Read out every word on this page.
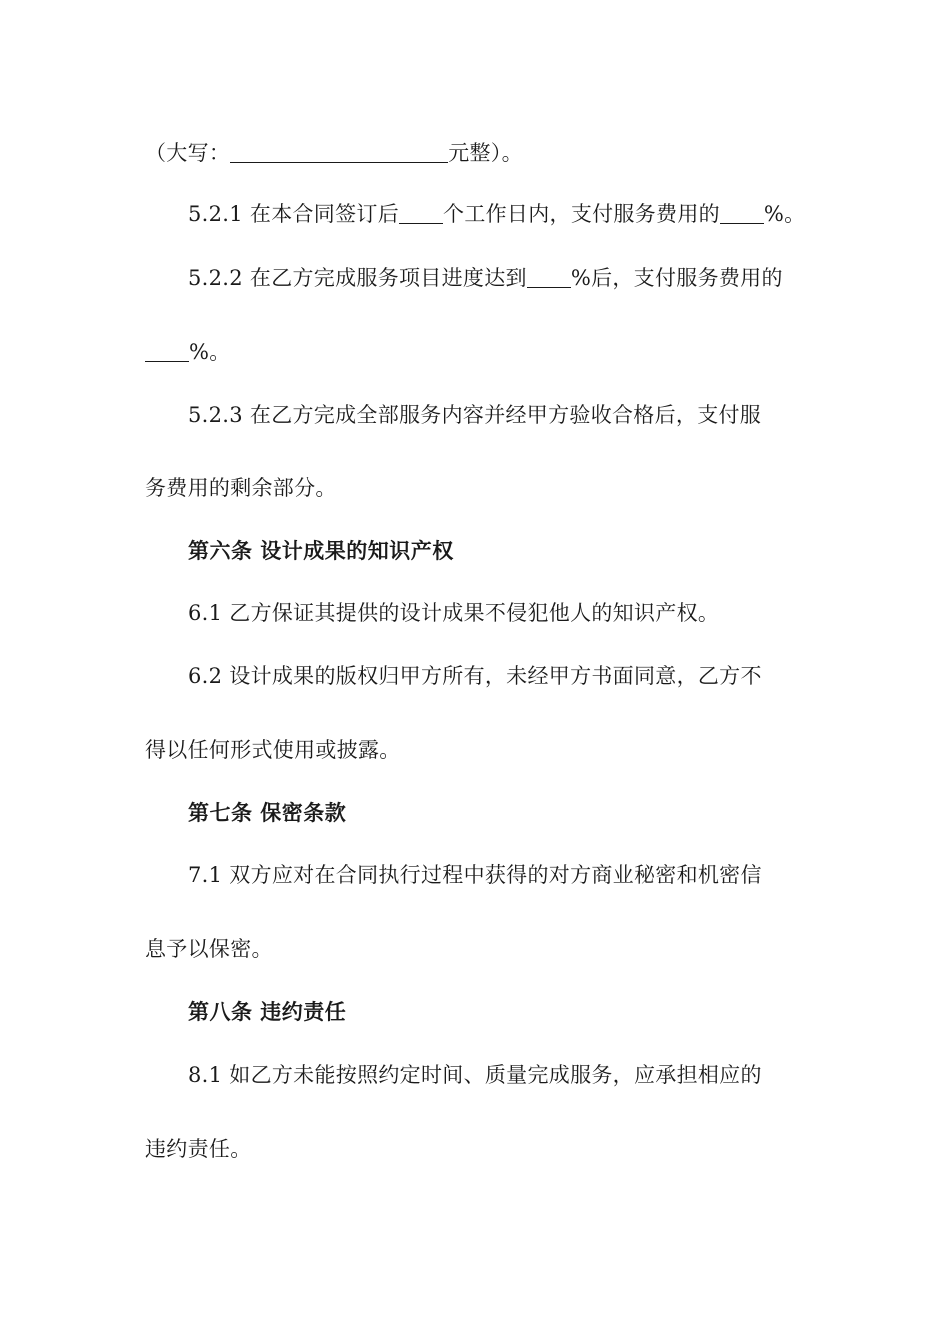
（大写：	元整）。
5.2.1 在本合同签订后 个工作日内，支付服务费用的 %。
5.2.2 在乙方完成服务项目进度达到 %后，支付服务费用的
%。
5.2.3 在乙方完成全部服务内容并经甲方验收合格后，支付服
务费用的剩余部分。
第六条 设计成果的知识产权
6.1 乙方保证其提供的设计成果不侵犯他人的知识产权。
6.2 设计成果的版权归甲方所有，未经甲方书面同意，乙方不
得以任何形式使用或披露。
第七条 保密条款
7.1 双方应对在合同执行过程中获得的对方商业秘密和机密信
息予以保密。
第八条 违约责任
8.1 如乙方未能按照约定时间、质量完成服务，应承担相应的
违约责任。
